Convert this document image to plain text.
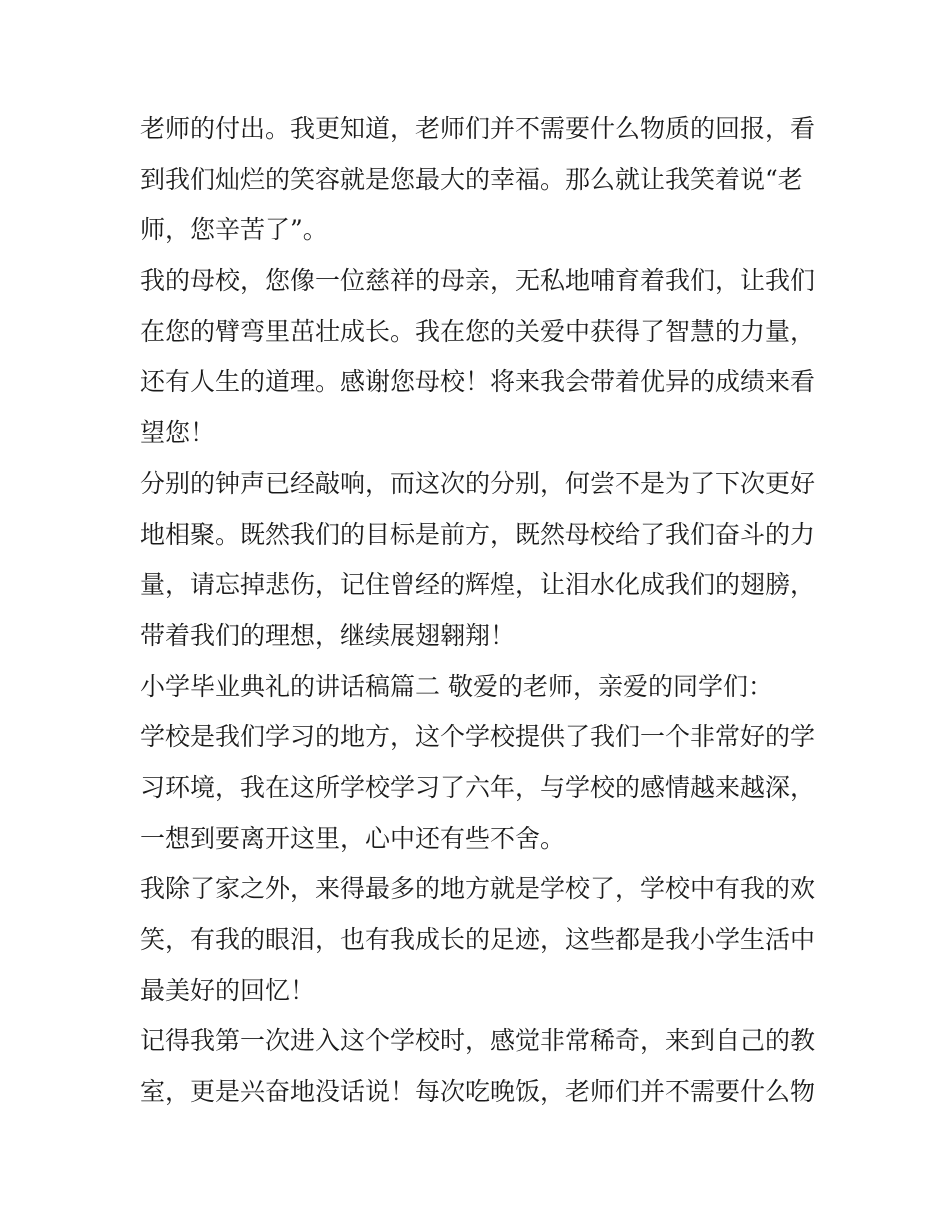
老师的付出。我更知道，老师们并不需要什么物质的回报，看
到我们灿烂的笑容就是您最大的幸福。那么就让我笑着说“老
师，您辛苦了”。

我的母校，您像一位慈祥的母亲，无私地哺育着我们，让我们
在您的臂弯里茁壮成长。我在您的关爱中获得了智慧的力量，
还有人生的道理。感谢您母校！将来我会带着优异的成绩来看
望您！

分别的钟声已经敲响，而这次的分别，何尝不是为了下次更好
地相聚。既然我们的目标是前方，既然母校给了我们奋斗的力
量，请忘掉悲伤，记住曾经的辉煌，让泪水化成我们的翅膀，
带着我们的理想，继续展翅翱翔！

小学毕业典礼的讲话稿篇二 敬爱的老师，亲爱的同学们：

学校是我们学习的地方，这个学校提供了我们一个非常好的学
习环境，我在这所学校学习了六年，与学校的感情越来越深，
一想到要离开这里，心中还有些不舍。

我除了家之外，来得最多的地方就是学校了，学校中有我的欢
笑，有我的眼泪，也有我成长的足迹，这些都是我小学生活中
最美好的回忆！

记得我第一次进入这个学校时，感觉非常稀奇，来到自己的教
室，更是兴奋地没话说！每次吃晚饭，老师们并不需要什么物
